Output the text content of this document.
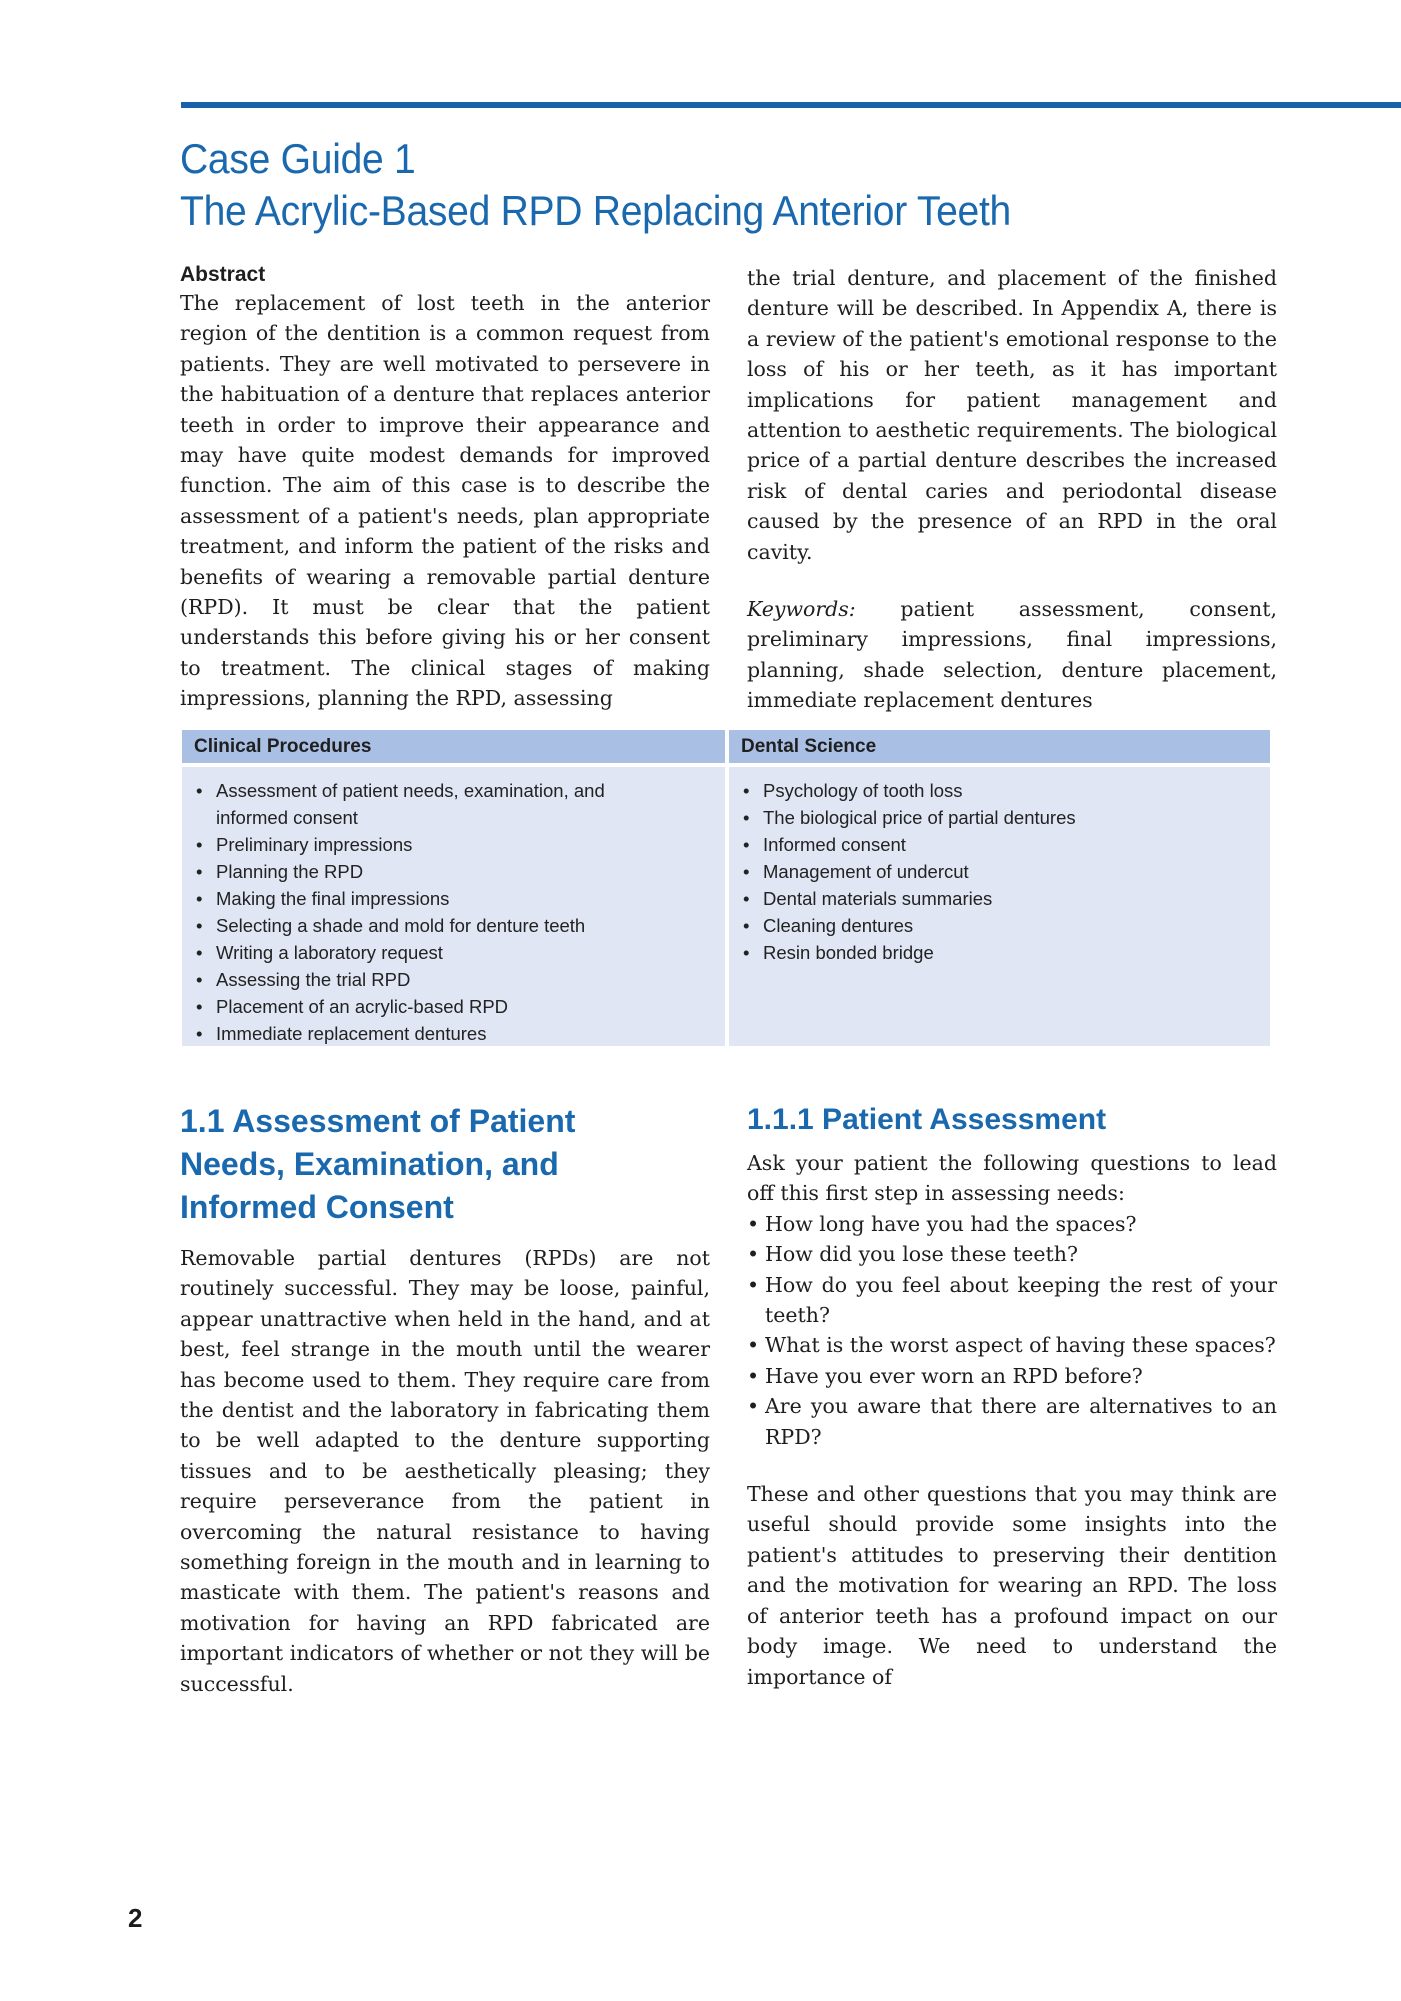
Case Guide 1
The Acrylic-Based RPD Replacing Anterior Teeth
Abstract

The replacement of lost teeth in the anterior region of the dentition is a common request from patients. They are well motivated to persevere in the habituation of a denture that replaces anterior teeth in order to improve their appearance and may have quite modest demands for improved function. The aim of this case is to describe the assessment of a patient's needs, plan appropriate treatment, and inform the patient of the risks and benefits of wearing a removable partial denture (RPD). It must be clear that the patient understands this before giving his or her consent to treatment. The clinical stages of making impressions, planning the RPD, assessing

the trial denture, and placement of the finished denture will be described. In Appendix A, there is a review of the patient's emotional response to the loss of his or her teeth, as it has important implications for patient management and attention to aesthetic requirements. The biological price of a partial denture describes the increased risk of dental caries and periodontal disease caused by the presence of an RPD in the oral cavity.

Keywords: patient assessment, consent, preliminary impressions, final impressions, planning, shade selection, denture placement, immediate replacement dentures

Clinical Procedures	Dental Science
• Assessment of patient needs, examination, and informed consent
• Preliminary impressions
• Planning the RPD
• Making the final impressions
• Selecting a shade and mold for denture teeth
• Writing a laboratory request
• Assessing the trial RPD
• Placement of an acrylic-based RPD
• Immediate replacement dentures
• Psychology of tooth loss
• The biological price of partial dentures
• Informed consent
• Management of undercut
• Dental materials summaries
• Cleaning dentures
• Resin bonded bridge
1.1 Assessment of Patient Needs, Examination, and Informed Consent

Removable partial dentures (RPDs) are not routinely successful. They may be loose, painful, appear unattractive when held in the hand, and at best, feel strange in the mouth until the wearer has become used to them. They require care from the dentist and the laboratory in fabricating them to be well adapted to the denture supporting tissues and to be aesthetically pleasing; they require perseverance from the patient in overcoming the natural resistance to having something foreign in the mouth and in learning to masticate with them. The patient's reasons and motivation for having an RPD fabricated are important indicators of whether or not they will be successful.

1.1.1 Patient Assessment

Ask your patient the following questions to lead off this first step in assessing needs:

• How long have you had the spaces?
• How did you lose these teeth?
• How do you feel about keeping the rest of your teeth?
• What is the worst aspect of having these spaces?
• Have you ever worn an RPD before?
• Are you aware that there are alternatives to an RPD?

These and other questions that you may think are useful should provide some insights into the patient's attitudes to preserving their dentition and the motivation for wearing an RPD. The loss of anterior teeth has a profound impact on our body image. We need to understand the importance of

2
